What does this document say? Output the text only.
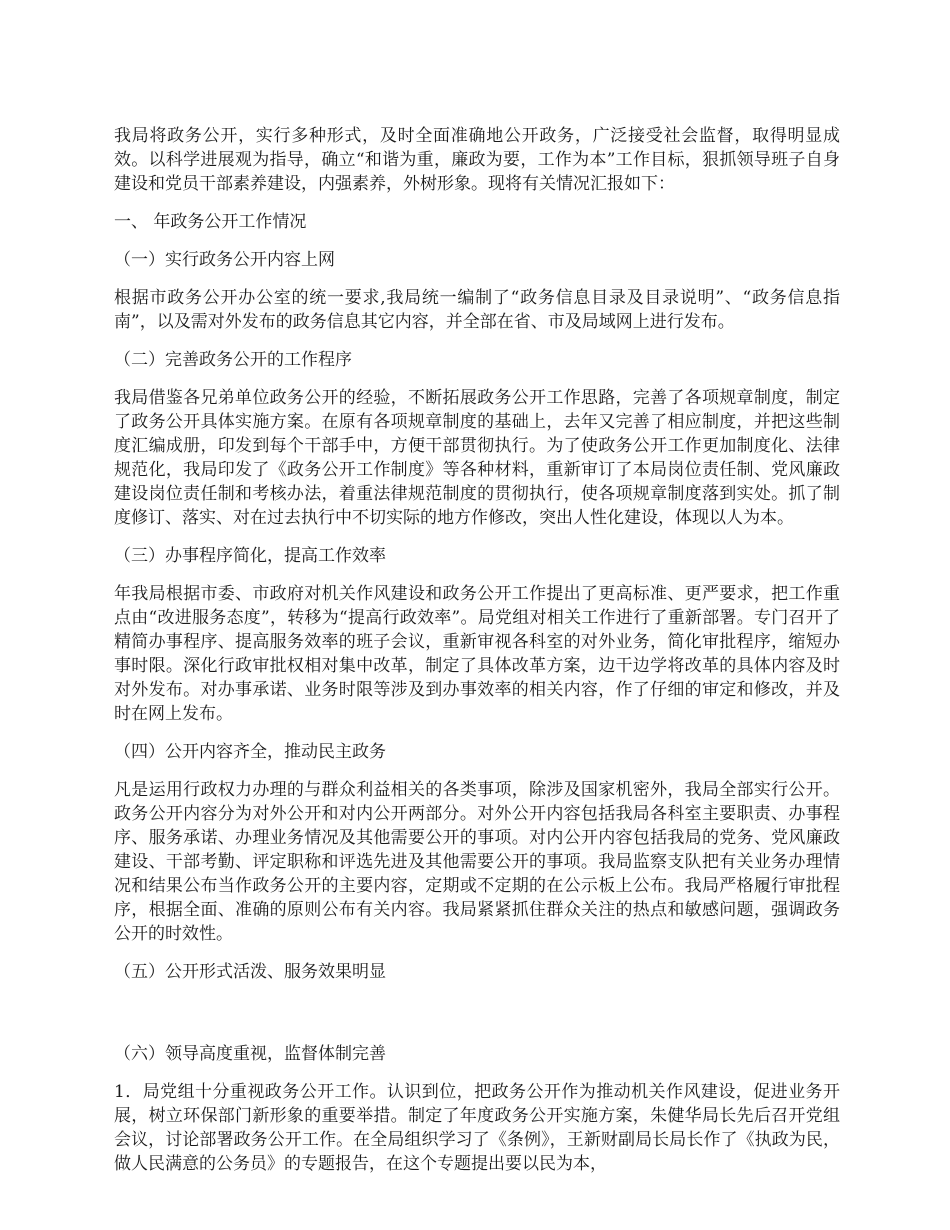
我局将政务公开，实行多种形式，及时全面准确地公开政务，广泛接受社会监督，取得明显成效。以科学进展观为指导，确立“和谐为重，廉政为要，工作为本”工作目标，狠抓领导班子自身建设和党员干部素养建设，内强素养，外树形象。现将有关情况汇报如下：

一、 年政务公开工作情况

（一）实行政务公开内容上网

根据市政务公开办公室的统一要求,我局统一编制了“政务信息目录及目录说明”、“政务信息指南”，以及需对外发布的政务信息其它内容，并全部在省、市及局域网上进行发布。

（二）完善政务公开的工作程序

我局借鉴各兄弟单位政务公开的经验，不断拓展政务公开工作思路，完善了各项规章制度，制定了政务公开具体实施方案。在原有各项规章制度的基础上，去年又完善了相应制度，并把这些制度汇编成册，印发到每个干部手中，方便干部贯彻执行。为了使政务公开工作更加制度化、法律规范化，我局印发了《政务公开工作制度》等各种材料，重新审订了本局岗位责任制、党风廉政建设岗位责任制和考核办法，着重法律规范制度的贯彻执行，使各项规章制度落到实处。抓了制度修订、落实、对在过去执行中不切实际的地方作修改，突出人性化建设，体现以人为本。

（三）办事程序简化，提高工作效率

年我局根据市委、市政府对机关作风建设和政务公开工作提出了更高标准、更严要求，把工作重点由“改进服务态度”，转移为“提高行政效率”。局党组对相关工作进行了重新部署。专门召开了精简办事程序、提高服务效率的班子会议，重新审视各科室的对外业务，简化审批程序，缩短办事时限。深化行政审批权相对集中改革，制定了具体改革方案，边干边学将改革的具体内容及时对外发布。对办事承诺、业务时限等涉及到办事效率的相关内容，作了仔细的审定和修改，并及时在网上发布。

（四）公开内容齐全，推动民主政务

凡是运用行政权力办理的与群众利益相关的各类事项，除涉及国家机密外，我局全部实行公开。政务公开内容分为对外公开和对内公开两部分。对外公开内容包括我局各科室主要职责、办事程序、服务承诺、办理业务情况及其他需要公开的事项。对内公开内容包括我局的党务、党风廉政建设、干部考勤、评定职称和评选先进及其他需要公开的事项。我局监察支队把有关业务办理情况和结果公布当作政务公开的主要内容，定期或不定期的在公示板上公布。我局严格履行审批程序，根据全面、准确的原则公布有关内容。我局紧紧抓住群众关注的热点和敏感问题，强调政务公开的时效性。

（五）公开形式活泼、服务效果明显

（六）领导高度重视，监督体制完善

1．局党组十分重视政务公开工作。认识到位，把政务公开作为推动机关作风建设，促进业务开展，树立环保部门新形象的重要举措。制定了年度政务公开实施方案，朱健华局长先后召开党组会议，讨论部署政务公开工作。在全局组织学习了《条例》，王新财副局长局长作了《执政为民，做人民满意的公务员》的专题报告，在这个专题提出要以民为本，
